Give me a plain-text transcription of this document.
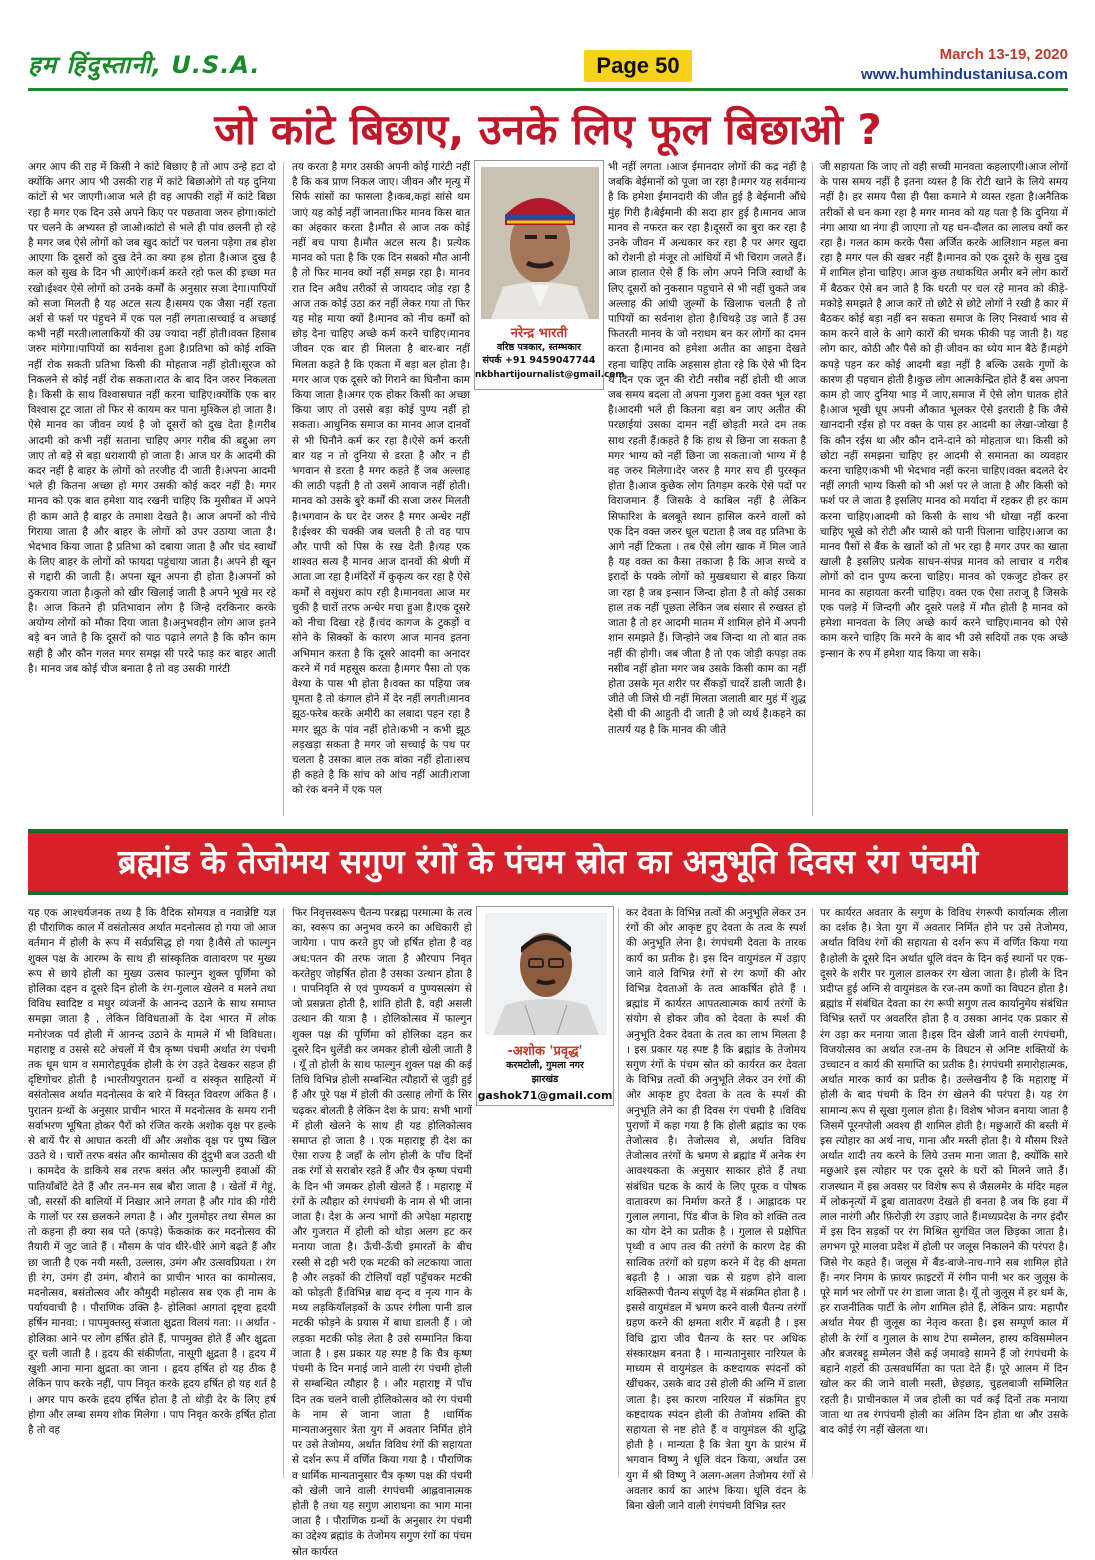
हम हिंदुस्तानी, U.S.A.	Page 50	March 13-19, 2020
www.humhindustaniusa.com
जो कांटे बिछाए, उनके लिए फूल बिछाओ ?
अगर आप की राह में किसी ने कांटे बिछाए है तो आप उन्हे हटा दो क्योंकि अगर आप भी उसकी राह में कांटे बिछाओगे तो यह दुनिया कांटों से भर जाएगी।आज भले ही वह आपकी राहों में कांटे बिछा रहा है मगर एक दिन उसे अपने किए पर पछतावा जरुर होगा।कांटो पर चलने के अभ्यस्त हो जाओ।कांटो से भले ही पांव छलनी हो रहे है मगर जब ऐसे लोगों को जब खुद कांटों पर चलना पड़ेगा तब होश आएगा कि दूसरों को दुख देने का क्या हश्र होता है।आज दुख है कल को सुख के दिन भी आएंगें।कर्म करते रहो फल की इच्छा मत रखो।ईश्वर ऐसे लोगों को उनके कर्मों के अनुसार सजा देगा।पापियों को सजा मिलती है यह अटल सत्य है।समय एक जैसा नहीं रहता अर्श से फर्श पर पंहुचने में एक पल नहीं लगता।सच्चाई व अच्छाई कभी नहीं मरती।लालाकियों की उम्र ज्यादा नहीं होती।वक्त हिसाब जरुर मांगेगा।पापियों का सर्वनाश हुआ है।प्रतिभा को कोई शक्ति नहीं रोक सकती प्रतिभा किसी की मोहताज नहीं होती।सूरज को निकलने से कोई नहीं रोक सकता।रात के बाद दिन जरुर निकलता है। किसी के साथ विश्वासघात नहीं करना चाहिए।क्योंकि एक बार विश्वास टूट जाता तो फिर से कायम कर पाना मुश्किल हो जाता है।ऐसे मानव का जीवन व्यर्थ है जो दूसरों को दुख देता है।गरीब आदमी को कभी नहीं सताना चाहिए अगर गरीब की बद्दुआ लग जाए तो बड़े से बड़ा धराशायी हो जाता है। आज घर के आदमी की कदर नहीं है बाहर के लोगों को तरजीह दी जाती है।अपना आदमी भले ही कितना अच्छा हो मगर उसकी कोई कदर नहीं है। मगर मानव को एक बात हमेशा याद रखनी चाहिए कि मुसीबत में अपने ही काम आते है बाहर के तमाशा देखते है। आज अपनों को नीचे गिराया जाता है और बाहर के लोगों को उपर उठाया जाता है।भेदभाव किया जाता है प्रतिभा को दबाया जाता है और चंद स्वार्थों के लिए बाहर के लोगों को फायदा पहुंचाया जाता है। अपने ही खून से गद्दारी की जाती है। अपना खून अपना ही होता है।अपनों को ठुकराया जाता है।कुतो को खीर खिलाई जाती है अपने भूखे मर रहे है। आज कितने ही प्रतिभावान लोग है जिन्हे दरकिनार करके अयोग्य लोगों को मौका दिया जाता है।अनुभवहीन लोग आज इतने बड़े बन जाते है कि दूसरों को पाठ पढ़ाने लगते है कि कौन काम सही है और कौन गलत मगर समझ सी परदे फाड़ कर बाहर आती है। मानव जब कोई चीज बनाता है तो वह उसकी गारंटी
नरेन्द्र भारती
वरिष्ठ पत्रकार, स्तम्भकार
संपर्क +91 9459047744
nkbhartijournalist@gmail.com
तय करता है मगर उसकी अपनी कोई गारंटी नहीं है कि कब प्राण निकल जाए। जीवन और मृत्यु में सिर्फ सांसों का फासला है।कब,कहां सांसे थम जाएं यह कोई नहीं जानता।फिर मानव किस बात का अंहकार करता है।मौत से आज तक कोई नहीं बच पाया है।मौत अटल सत्य है। प्रत्येक मानव को पता है कि एक दिन सबको मौत आनी है तो फिर मानव क्यों नहीं समझ रहा है। मानव रात दिन अवैध तरीकों से जायदाद जोड़ रहा है आज तक कोई उठा कर नहीं लेकर गया तो फिर यह मोह माया क्यों है।मानव को नीच कर्मों को छोड़ देना चाहिए अच्छे कर्म करने चाहिए।मानव जीवन एक बार ही मिलता है बार-बार नहीं मिलता कहते है कि एकता में बड़ा बल होता है। मगर आज एक दूसरे को गिराने का घिनौना काम किया जाता है।अगर एक होकर किसी का अच्छा किया जाए तो उससे बड़ा कोई पुण्य नहीं हो सकता। आधुनिक समाज का मानव आज दानवों से भी घिनौने कर्म कर रहा है।ऐसे कर्म करती बार यह न तो दुनिया से डरता है और न ही भगवान से डरता है मगर कहते हैं जब अल्लाह की लाठी पड़ती है तो उसमें आवाज नहीं होती।मानव को उसके बुरे कर्मों की सजा जरुर मिलती है।भगवान के घर देर जरुर है मगर अन्धेर नहीं है।ईश्वर की चक्की जब चलती है तो वह पाप और पापी को पिस के रख देती है।यह एक शाश्वत सत्य है मानव आज दानवों की श्रेणी में आता जा रहा है।मंदिरों में कुकृत्य कर रहा है ऐसे कर्मों से वसुंधरा कांप रही है।मानवता आज मर चुकी है चारों तरफ अन्धेर मचा हुआ है।एक दूसरे को नीचा दिखा रहे हैं।चंद कागज के टुकड़ों व सोने के सिक्कों के कारण आज मानव इतना अभिमान करता है कि दूसरे आदमी का अनादर करने में गर्व महसूस करता है।मगर पैसा तो एक वेश्या के पास भी होता है।वक्त का पहिया जब घूमता है तो कंगाल होने में देर नहीं लगती।मानव झूठ-फरेब करके अमीरी का लबादा पहन रहा है मगर झूठ के पांव नहीं होते।कभी न कभी झूठ लड़खड़ा सकता है मगर जो सच्चाई के पथ पर चलता है उसका बाल तक बांका नहीं होता।सच ही कहते है कि सांच को आंच नहीं आती।राजा को रंक बनने में एक पल
भी नहीं लगता ।आज ईमानदार लोगों की कद्र नहीं है जबकि बेईमानों को पूजा जा रहा है।मगर यह सर्वमान्य है कि हमेशा ईमानदारी की जीत हुई है बेईमानी औंधे मुंह गिरी है।बेईमानी की सदा हार हुई है।मानव आज मानव से नफरत कर रहा है।दूसरों का बुरा कर रहा है उनके जीवन में अन्धकार कर रहा है पर अगर खुदा को रोशनी हो मंजूर तो आंधियों में भी चिराग जलते हैं।आज हालात ऐसे हैं कि लोग अपने निजि स्वार्थों के लिए दूसरों को नुकसान पहुचाने से भी नहीं चुकते जब अल्लाह की आंधी ज़ुल्मों के खिलाफ चलती है तो पापियों का सर्वनाश होता है।चिथड़े उड़ जाते हैं उस फितरती मानव के जो नराधम बन कर लोगों का दमन करता है।मानव को हमेशा अतीत का आइना देखते रहना चाहिए ताकि अहसास होता रहे कि ऐसे भी दिन थे दिन एक जून की रोटी नसीब नहीं होती थी आज जब समय बदला तो अपना गुजरा हुआ वक्त भूल रहा है।आदमी भले ही कितना बड़ा बन जाए अतीत की परछाईयां उसका दामन नहीं छोड़ती मरते दम तक साथ रहती हैं।कहते है कि हाथ से छिना जा सकता है मगर भाग्य को नहीं छिना जा सकता।जो भाग्य में है वह जरुर मिलेगा।देर जरुर है मगर सच ही पुरस्कृत होता है।आज कुछेक लोग तिगड़म करके ऐसे पदों पर विराजमान हैं जिसके वे काबिल नहीं है लेकिन सिफारिश के बलबूते स्थान हासिल करने वालों को एक दिन वक्त जरुर धूल चटाता है जब वह प्रतिभा के आगे नहीं टिकता । तब ऐसे लोग खाक में मिल जाते है यह वक्त का कैसा तकाजा है कि आज सच्चे व इरादों के पक्के लोगों को मुखबधारा से बाहर किया जा रहा है जब इन्सान जिन्दा होता है तो कोई उसका हाल तक नहीं पूछता लेकिन जब संसार से रुखस्त हो जाता है तो हर आदमी मातम में शामिल होने में अपनी शान समझते हैं। जिन्होने जब जिन्दा था तो बात तक नहीं की होगी। जब जीता है तो एक जोड़ी कपड़ा तक नसीब नहीं होता मगर जब उसके किसी काम का नहीं होता उसके मृत शरीर पर सैंकड़ों चादरें डाली जाती है।जीते जी जिसे घी नहीं मिलता जलाती बार मुहं में शुद्ध देसी घी की आहुती दी जाती है जो व्यर्थ है।कहने का तात्पर्य यह है कि मानव की जीते
जी सहायता कि जाए तो वही सच्ची मानवता कहलाएगी।आज लोगों के पास समय नहीं है इतना व्यस्त है कि रोटी खाने के लिये समय नहीं है। हर समय पैसा ही पैसा कमाने मे व्यस्त रहता है।अनैतिक तरीकों से धन कमा रहा है मगर मानव को यह पता है कि दुनिया में नंगा आया था नंगा ही जाएगा तो यह धन-दौलत का लालच क्यों कर रहा है। गलत काम करके पैसा अर्जित करके आलिशान महल बना रहा है मगर पल की खबर नहीं है।मानव को एक दूसरे के सुख दुख में शामिल होना चाहिए। आज कुछ तथाकथित अमीर बने लोग कारों में बैठकर ऐसे बन जाते है कि धरती पर चल रहे मानव को कीड़े-मकोड़े समझते है आज कारें तो छोटे से छोटे लोगों ने रखी है कार में बैठकर कोई बड़ा नहीं बन सकता समाज के लिए निस्वार्थ भाव से काम करने वाले के आगे कारों की चमक फीकी पड़ जाती है। यह लोग कार, कोठी और पैसे को ही जीवन का ध्येय मान बैठे हैं।महंगे कपड़े पहन कर कोई आदमी बड़ा नहीं है बल्कि उसके गुणों के कारण ही पहचान होती है।कुछ लोग आत्मकेन्द्रित होते हैं बस अपना काम हो जाए दुनिया भाड़ में जाए,समाज में ऐसे लोग घातक होते है।आज भूखी धूप अपनी औकात भूलकर ऐसे इतराती है कि जैसे खानदानी रईस हो पर वक्त के पास हर आदमी का लेखा-जोखा है कि कौन रईस था और कौन दाने-दाने को मोहताज था। किसी को छोटा नहीं समझना चाहिए हर आदमी से समानता का व्यवहार करना चाहिए।कभी भी भेदभाव नहीं करना चाहिए।वक्त बदलते देर नहीं लगती भाग्य किसी को भी अर्श पर ले जाता है और किसी को फर्श पर ले जाता है इसलिए मानव को मर्यादा में रहकर ही हर काम करना चाहिए।आदमी को किसी के साथ भी धोखा नहीं करना चाहिए भूखे को रोटी और प्यासे को पानी पिलाना चाहिए।आज का मानव पैसों से बैंक के खातों को तो भर रहा है मगर उपर का खाता खाली है इसलिए प्रत्येक साधन-संपन्न मानव को लाचार व गरीब लोगों को दान पुण्य करना चाहिए। मानव को एकजुट होकर हर मानव का सहायता करनी चाहिए। वक्त एक ऐसा तराजू है जिसके एक पलड़े में जिन्दगी और दूसरे पलड़े में मौत होती है मानव को हमेशा मानवता के लिए अच्छे कार्य करने चाहिए।मानव को ऐसे काम करने चाहिए कि मरने के बाद भी उसे सदियों तक एक अच्छे इन्सान के रुप में हमेशा याद किया जा सके।
ब्रह्मांड के तेजोमय सगुण रंगों के पंचम स्रोत का अनुभूति दिवस रंग पंचमी
यह एक आश्चर्यजनक तथ्य है कि वैदिक सोमयज्ञ व नवान्नेष्टि यज्ञ ही पौराणिक काल में वसंतोत्सव अर्थात मदनोत्सव हो गया जो आज वर्तमान में होली के रूप में सर्वप्रसिद्ध हो गया है।वैसे तो फाल्गुन शुक्ल पक्ष के आरम्भ के साथ ही सांस्कृतिक वातावरण पर मुख्य रूप से छाये होली का मुख्य उत्सव फाल्गुन शुक्ल पूर्णिमा को होलिका दहन व दूसरे दिन होली के रंग-गुलाल खेलने व मलने तथा विविध स्वादिष्ट व मधुर व्यंजनों के आनन्द उठाने के साथ समाप्त समझा जाता है , लेकिन विविधताओं के देश भारत में लोक मनोरंजक पर्व होली में आनन्द उठाने के मामले में भी विविधता।महाराष्ट्र व उससे सटे अंचलों में चैत्र कृष्ण पंचमी अर्थात रंग पंचमी तक धूम धाम व समारोहपूर्वक होली के रंग उड़ते देखकर सहज ही दृष्टिगोचर होती है ।भारतीयपुरातन ग्रन्थों व संस्कृत साहित्यों में वसंतोत्सव अर्थात मदनोत्सव के बारे में विस्तृत विवरण अंकित हैं । पुरातन ग्रन्थों के अनुसार प्राचीन भारत में मदनोत्सव के समय रानी सर्वाभरण भूषिता होकर पैरों को रंजित करके अशोक वृक्ष पर हल्के से बायें पैर से आघात करती थीं और अशोक वृक्ष पर पुष्प खिल उठते थे । चारों तरफ बसंत और कामोत्सव की दुंदुभी बज उठती थी । कामदेव के डाकिये सब तरफ बसंत और फाल्गुनी हवाओं की पातियाँबाँटे देते हैं और तन-मन सब बौरा जाता है । खेतों में गेहूं, जौ, सरसों की बालियों में निखार आने लगता है और गांव की गोरी के गालों पर रस छलकने लगता है । और गुलमोहर तथा सेमल का तो कहना ही क्या सब पते (कपड़े) फेंककांक कर मदनोत्सव की तैयारी में जुट जाते हैं । मौसम के पांव धीरे-धीरे आगे बढ़ते हैं और छा जाती है एक नयी मस्ती, उल्लास, उमंग और उत्सवप्रियता । रंग ही रंग, उमंग ही उमंग, बौराने का प्राचीन भारत का कामोत्सव, मदनोत्सव, बसंतोत्सव और कौमुदी महोत्सव सब एक ही नाम के पर्यायवाची है । पौराणिक उक्ति है- होलिकां आगतां दृष्ट्वा हृदयी हर्षिन मानवा: । पापमुक्तस्तु संजाता क्षुद्रता विलयं गता: ।। अर्थात - होलिका आने पर लोग हर्षित होते हैं, पापमुक्त होते हैं और क्षुद्रता दूर चली जाती है । हृदय की संकीर्णता, नासूगी क्षुद्रता है । हृदय में खुशी आना माना क्षुद्रता का जाना । हृदय हर्षित हो यह ठीक है लेकिन पाप करके नहीं, पाप निवृत करके हृदय हर्षित हो यह शर्त है । अगर पाप करके हृदय हर्षित होता है तो थोड़ी देर के लिए हर्ष होगा और लम्बा समय शोक मिलेगा । पाप निवृत करके हर्षित होता है तो वह
-अशोक 'प्रवृद्ध'
करमटोली, गुमला नगर
झारखंड
gashok71@gmail.com
फिर निवृत्तस्वरूप चैतन्य परब्रह्म परमात्मा के तत्व का, स्वरूप का अनुभव करने का अधिकारी हो जायेगा । पाप करते हुए जो हर्षित होता है वह अध:पतन की तरफ जाता है औरपाप निवृत करतेहुए जोहर्षित होता है उसका उत्थान होता है । पापनिवृति से एवं पुण्यकर्म व पुण्यसत्संग से जो प्रसन्नता होती है, शांति होती है, वही असली उत्थान की यात्रा है । होलिकोत्सव में फाल्गुन शुक्ल पक्ष की पूर्णिमा को होलिका दहन कर दूसरे दिन धुलेंडी कर जमकर होली खेली जाती है । यूँ तो होली के साथ फाल्गुन शुक्ल पक्ष की कई तिथि विभिन्न होली सम्बन्धित त्यौहारों से जुड़ी हुई हैं और पूरे पक्ष में होली की उत्साह लोगों के सिर चढ़कर बोलती है लेकिन देश के प्राय: सभी भागों में होली खेलने के साथ ही यह होलिकोत्सव समाप्त हो जाता है । एक महाराष्ट्र ही देश का ऐसा राज्य है जहाँ के लोग होली के पाँच दिनों तक रंगों से सराबोर रहते हैं और चैत्र कृष्ण पंचमी के दिन भी जमकर होली खेलते हैं । महाराष्ट्र में रंगों के त्यौहार को रंगपंचमी के नाम से भी जाना जाता है। देश के अन्य भागों की अपेक्षा महाराष्ट्र और गुजरात में होली को थोड़ा अलग हट कर मनाया जाता है। ऊँची-ऊँची इमारतों के बीच रस्सी से दही भरी एक मटकी को लटकाया जाता है और लड़कों की टोलियाँ वहाँ पहुँचकर मटकी को फोड़ती हैं।विभिन्न बाद्य वृन्द व नृत्य गान के मध्य लड़कियाँलड़कों के ऊपर रंगीला पानी डाल मटकी फोड़ने के प्रयास में बाधा डालती हैं । जो लड़का मटकी फोड़ लेता है उसे सम्मानित किया जाता है । इस प्रकार यह स्पष्ट है कि चैत्र कृष्ण पंचमी के दिन मनाई जाने वाली रंग पंचमी होली से सम्बन्धित त्यौहार है । और महाराष्ट्र में पाँच दिन तक चलने वाली होलिकोत्सव को रंग पंचमी के नाम से जाना जाता है ।धार्मिक मान्यताअनुसार त्रेता युग में अवतार निर्मित होने पर उसे तेजोमय, अर्थात विविध रंगों की सहायता से दर्शन रूप में वर्णित किया गया है । पौराणिक व धार्मिक मान्यतानुसार चैत्र कृष्ण पक्ष की पंचमी को खेली जाने वाली रंगपंचमी आह्लवानात्मक होती है तथा यह सगुण आराधना का भाग माना जाता है । पौराणिक ग्रन्थों के अनुसार रंग पंचमी का उद्देश्य ब्रह्मांड के तेजोमय सगुण रंगों का पंचम स्रोत कार्यरत
कर देवता के विभिन्न तत्वों की अनुभूति लेकर उन रंगों की ओर आकृष्ट हुए देवता के तत्व के स्पर्श की अनुभूति लेना है। रंगपंचमी देवता के तारक कार्य का प्रतीक है। इस दिन वायुमंडल में उड़ाए जाने वाले विभिन्न रंगों से रंग कणों की ओर विभिन्न देवताओं के तत्व आकर्षित होते हैं । ब्रह्मांड में कार्यरत आपतत्वात्मक कार्य तरंगों के संयोग से होकर जीव को देवता के स्पर्श की अनुभूति देकर देवता के तत्व का लाभ मिलता है । इस प्रकार यह स्पष्ट है कि ब्रह्मांड के तेजोमय सगुण रंगों के पंचम स्रोत को कार्यरत कर देवता के विभिन्न तत्वों की अनुभूति लेकर उन रंगों की ओर आकृष्ट हुए देवता के तत्व के स्पर्श की अनुभूति लेने का ही दिवस रंग पंचमी है ।विविध पुराणों में कहा गया है कि होली ब्रह्मांड का एक तेजोत्सव है। तेजोत्सव से, अर्थात विविध तेजोत्सव तरंगों के भ्रमण से ब्रह्मांड में अनेक रंग आवश्यकता के अनुसार साकार होते हैं तथा संबंधित घटक के कार्य के लिए पूरक व पोषक वातावरण का निर्माण करते हैं । आह्लादक पर गुलाल लगाना, पिंड बीज के शिव को शक्ति तत्व का योग देने का प्रतीक है । गुलाल से प्रक्षेपित पृथ्वी व आप तत्व की तरंगों के कारण देह की सात्विक तरंगों को ग्रहण करने में देह की क्षमता बढ़ती है । आज्ञा चक्र से ग्रहण होने वाला शक्तिरूपी चैतन्य संपूर्ण देह में संक्रमित होता है । इससे वायुमंडल में भ्रमण करने वाली चैतन्य तरंगों ग्रहण करने की क्षमता शरीर में बढ़ती है । इस विधि द्वारा जीव चैतन्य के स्तर पर अधिक संस्कारक्षम बनता है । मान्यतानुसार नारियल के माध्यम से वायुमंडल के कष्टदायक स्पंदनों को खींचकर, उसके बाद उसे होली की अग्नि में डाला जाता है। इस कारण नारियल में संक्रमित हुए कष्टदायक स्पंदन होली की तेजोमय शक्ति की सहायता से नष्ट होते हैं व वायुमंडल की शुद्धि होती है । मान्यता है कि त्रेता युग के प्रारंभ में भगवान विष्णु ने धूलि वंदन किया, अर्थात उस युग में श्री विष्णु ने अलग-अलग तेजोमय रंगों से अवतार कार्य का आरंभ किया। धूलि वंदन के बिना खेली जाने वाली रंगपंचमी विभिन्न स्तर
पर कार्यरत अवतार के सगुण के विविध रंगरूपी कार्यात्मक लीला का दर्शक है। त्रेता युग में अवतार निर्मित होने पर उसे तेजोमय, अर्थात विविध रंगों की सहायता से दर्शन रूप में वर्णित किया गया है।होली के दूसरे दिन अर्थात धूलि वंदन के दिन कई स्थानों पर एक-दूसरे के शरीर पर गुलाल डालकर रंग खेला जाता है। होली के दिन प्रदीप्त हुई अग्नि से वायुमंडल के रज-तम कणों का विघटन होता है। ब्रह्मांड में संबंधित देवता का रंग रूपी सगुण तत्व कार्यानुमेय संबंधित विभिन्न स्तरों पर अवतरित होता है व उसका आनंद एक प्रकार से रंग उड़ा कर मनाया जाता है।इस दिन खेली जाने वाली रंगपंचमी, विजयोत्सव का अर्थात रज-तम के विघटन से अनिष्ट शक्तियों के उच्चाटन व कार्य की समाप्ति का प्रतीक है। रंगपंचमी समारोहात्मक, अर्थात मारक कार्य का प्रतीक है। उल्लेखनीय है कि महाराष्ट्र में होली के बाद पंचमी के दिन रंग खेलने की परंपरा है। यह रंग सामान्य रूप से सूखा गुलाल होता है। विशेष भोजन बनाया जाता है जिसमें पूरनपोली अवश्य ही शामिल होती है। मछुआरों की बस्ती में इस त्योहार का अर्थ नाच, गाना और मस्ती होता है। ये मौसम रिश्ते अर्थात शादी तय करने के लिये उत्तम माना जाता है, क्योंकि सारे मछुआरे इस त्योहार पर एक दूसरे के घरों को मिलने जाते हैं।राजस्थान में इस अवसर पर विशेष रूप से जैसलमेर के मंदिर महल में लोकनृत्यों में डूबा वातावरण देखते ही बनता है जब कि हवा में लाल नारंगी और फ़िरोज़ी रंग उड़ाए जाते हैं।मध्यप्रदेश के नगर इंदौर में इस दिन सड़कों पर रंग मिश्रित सुगंधित जल छिड़का जाता है।लगभग पूरे मालवा प्रदेश में होली पर जलूस निकालने की परंपरा है। जिसे गेर कहते हैं। जलूस में बैंड-बाजे-नाच-गाने सब शामिल होते हैं। नगर निगम के फ़ायर फ़ाइटरों में रंगीन पानी भर कर जुलूस के पूरे मार्ग भर लोगों पर रंग डाला जाता है। यूँ तो जुलूस में हर धर्म के, हर राजनीतिक पार्टी के लोग शामिल होते हैं, लेकिन प्राय: महापौर अर्थात मेयर ही जुलूस का नेतृत्व करता है। इस सम्पूर्ण काल में होली के रंगों व गुलाल के साथ टेपा सम्मेलन, हास्य कविसम्मेलन और बजरबट्टू सम्मेलन जैसे कई जमावड़े सामने हैं जो रंगपंचमी के बहाने शहरों की उत्सवधर्मिता का पता देते हैं। पूरे आलम में दिन खोल कर की जाने वाली मस्ती, छेड़छाड़, चुहलबाजी सम्मिलित रहती है। प्राचीनकाल में जब होली का पर्व कई दिनों तक मनाया जाता था तब रंगपंचमी होली का अंतिम दिन होता था और उसके बाद कोई रंग नहीं खेलता था।
